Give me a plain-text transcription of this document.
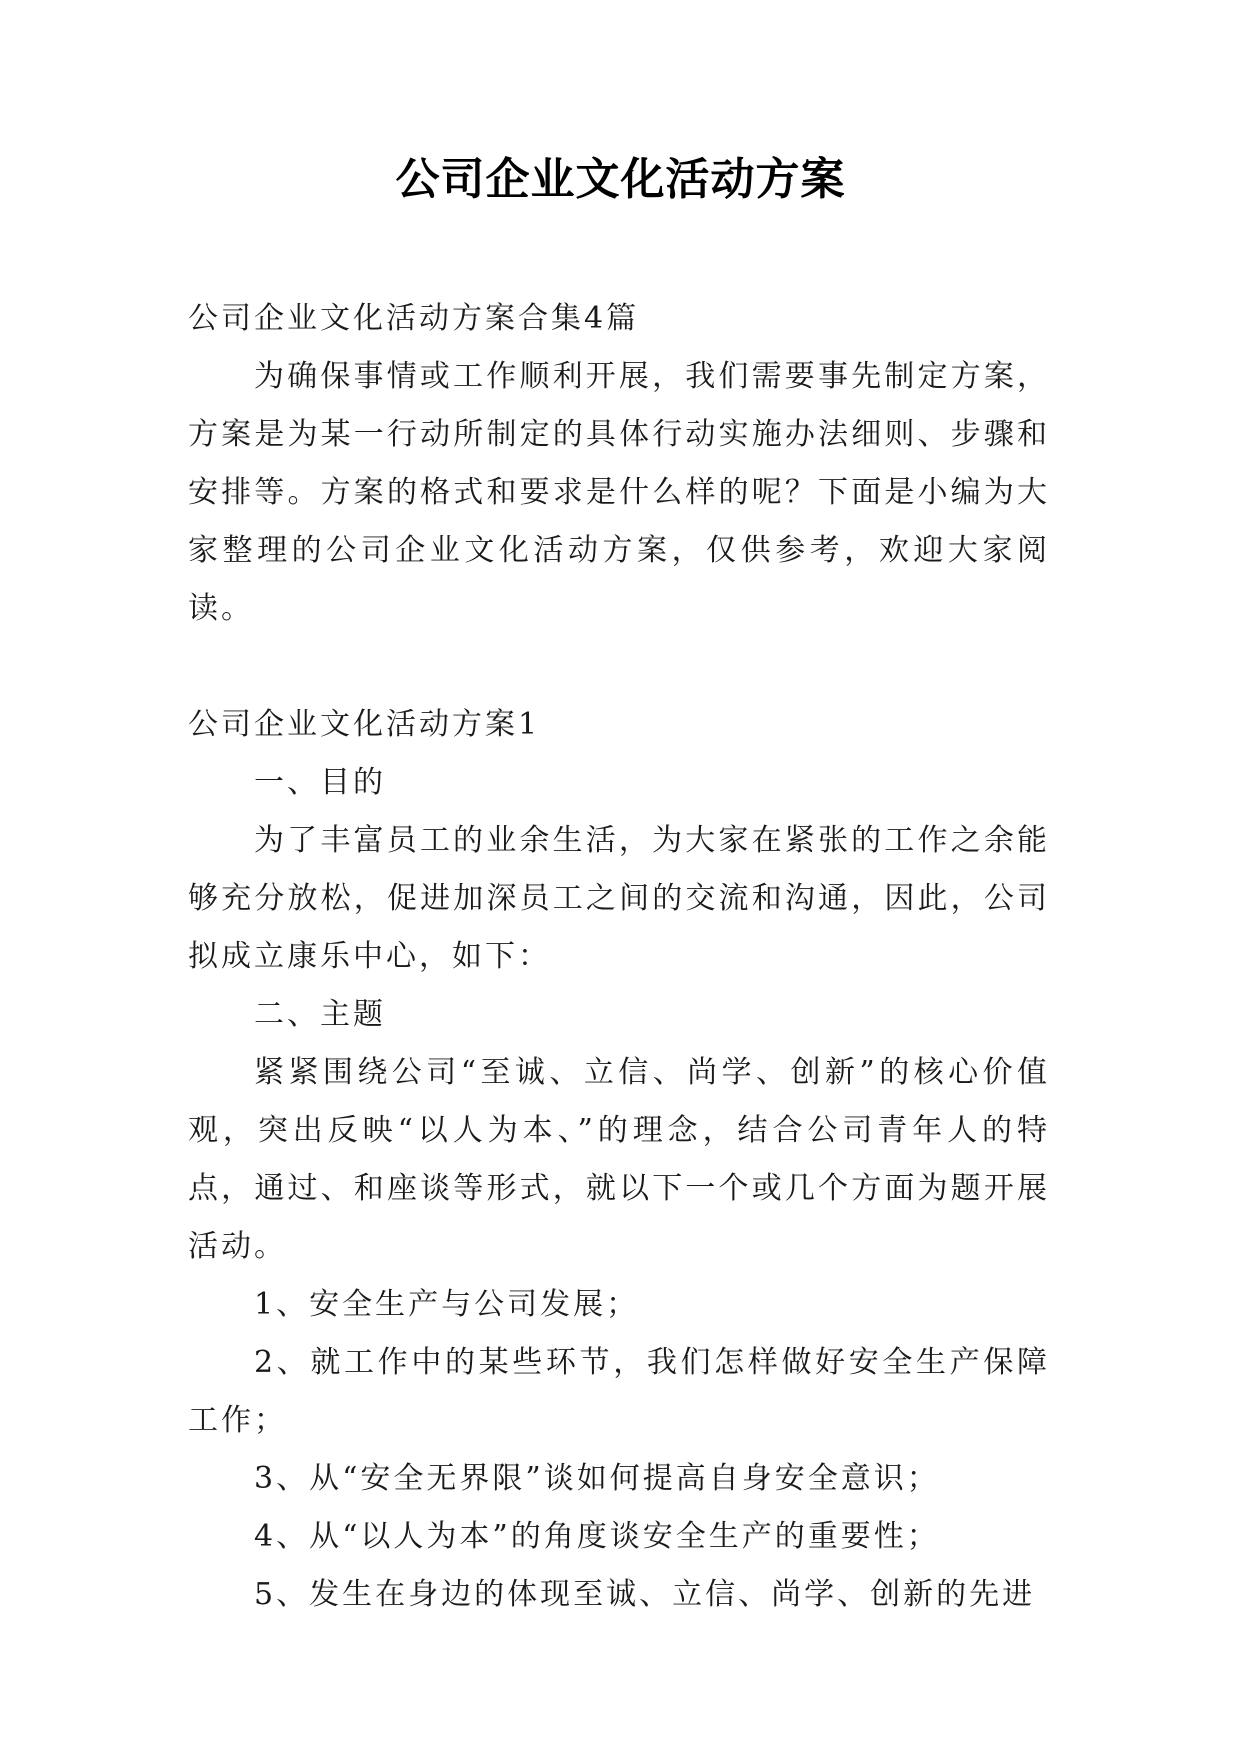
公司企业文化活动方案

公司企业文化活动方案合集4篇

为确保事情或工作顺利开展，我们需要事先制定方案，方案是为某一行动所制定的具体行动实施办法细则、步骤和安排等。方案的格式和要求是什么样的呢？下面是小编为大家整理的公司企业文化活动方案，仅供参考，欢迎大家阅读。

公司企业文化活动方案1

一、目的

为了丰富员工的业余生活，为大家在紧张的工作之余能够充分放松，促进加深员工之间的交流和沟通，因此，公司拟成立康乐中心，如下：

二、主题

紧紧围绕公司“至诚、立信、尚学、创新”的核心价值观，突出反映“以人为本、”的理念，结合公司青年人的特点，通过、和座谈等形式，就以下一个或几个方面为题开展活动。

1、安全生产与公司发展；

2、就工作中的某些环节，我们怎样做好安全生产保障工作；

3、从“安全无界限”谈如何提高自身安全意识；

4、从“以人为本”的角度谈安全生产的重要性；

5、发生在身边的体现至诚、立信、尚学、创新的先进
